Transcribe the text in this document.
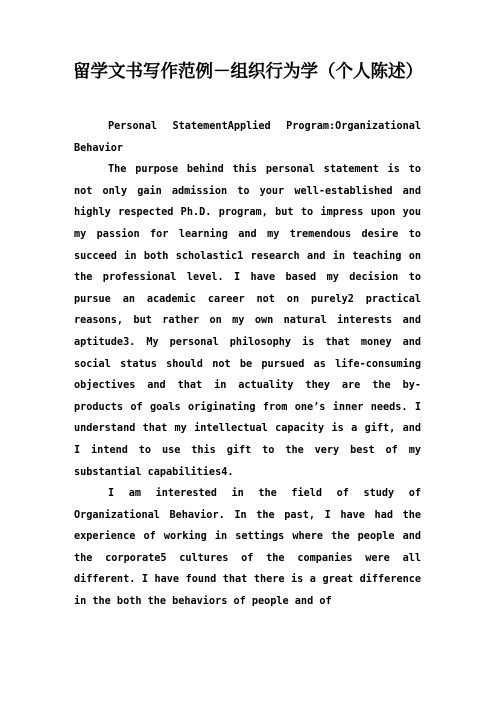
留学文书写作范例－组织行为学（个人陈述）
Personal StatementApplied Program:Organizational
Behavior

The purpose behind this personal statement is to not only gain admission to your well-established and highly respected Ph.D. program, but to impress upon you my passion for learning and my tremendous desire to succeed in both scholastic1 research and in teaching on the professional level. I have based my decision to pursue an academic career not on purely2 practical reasons, but rather on my own natural interests and aptitude3. My personal philosophy is that money and social status should not be pursued as life-consuming objectives and that in actuality they are the by-products of goals originating from one’s inner needs. I understand that my intellectual capacity is a gift, and I intend to use this gift to the very best of my substantial capabilities4.

I am interested in the field of study of Organizational Behavior. In the past, I have had the experience of working in settings where the people and the corporate5 cultures of the companies were all different. I have found that there is a great difference in the both the behaviors of people and of
